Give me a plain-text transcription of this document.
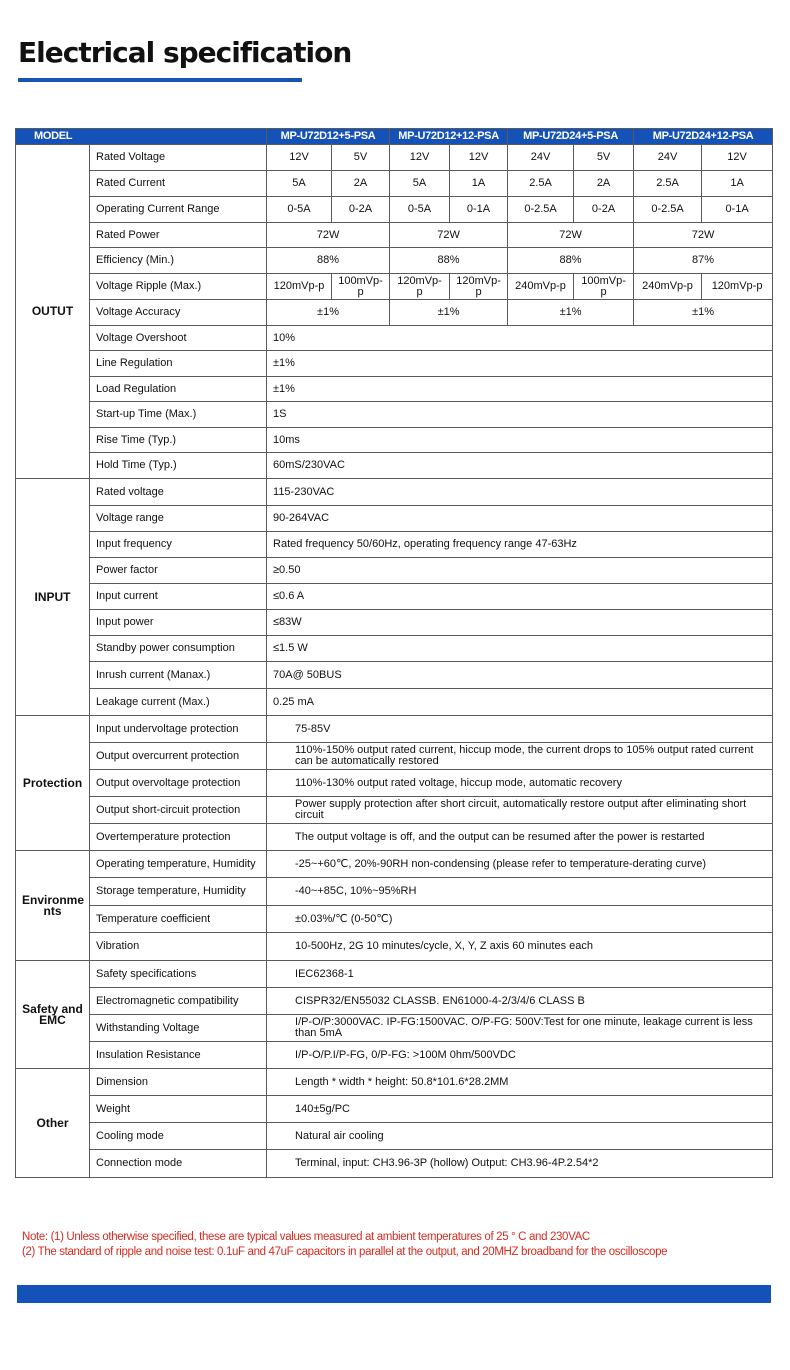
Electrical specification
MODEL		MP-U72D12+5-PSA		MP-U72D12+12-PSA		MP-U72D24+5-PSA		MP-U72D24+12-PSA	
OUTUT	Rated Voltage	12V	5V	12V	12V	24V	5V	24V	12V
	Rated Current	5A	2A	5A	1A	2.5A	2A	2.5A	1A
	Operating Current Range	0-5A	0-2A	0-5A	0-1A	0-2.5A	0-2A	0-2.5A	0-1A
	Rated Power	72W		72W		72W		72W	
	Efficiency (Min.)	88%		88%		88%		87%	
	Voltage Ripple (Max.)	120mVp-p	100mVp-p	120mVp-p	120mVp-p	240mVp-p	100mVp-p	240mVp-p	120mVp-p
	Voltage Accuracy	±1%		±1%		±1%		±1%	
	Voltage Overshoot	10%							
	Line Regulation	±1%							
	Load Regulation	±1%							
	Start-up Time (Max.)	1S							
	Rise Time (Typ.)	10ms							
	Hold Time (Typ.)	60mS/230VAC							
INPUT	Rated voltage	115-230VAC							
	Voltage range	90-264VAC							
	Input frequency	Rated frequency 50/60Hz, operating frequency range 47-63Hz							
	Power factor	≥0.50							
	Input current	≤0.6 A							
	Input power	≤83W							
	Standby power consumption	≤1.5 W							
	Inrush current (Manax.)	70A@ 50BUS							
	Leakage current (Max.)	0.25 mA							
Protection	Input undervoltage protection	75-85V							
	Output overcurrent protection	110%-150% output rated current, hiccup mode, the current drops to 105% output rated current can be automatically restored							
	Output overvoltage protection	110%-130% output rated voltage, hiccup mode, automatic recovery							
	Output short-circuit protection	Power supply protection after short circuit, automatically restore output after eliminating short circuit							
	Overtemperature protection	The output voltage is off, and the output can be resumed after the power is restarted							
Environme nts	Operating temperature, Humidity	-25~+60℃, 20%-90RH non-condensing (please refer to temperature-derating curve)							
	Storage temperature, Humidity	-40~+85C, 10%~95%RH							
	Temperature coefficient	±0.03%/℃ (0-50℃)							
	Vibration	10-500Hz, 2G 10 minutes/cycle, X, Y, Z axis 60 minutes each							
Safety and EMC	Safety specifications	IEC62368-1							
	Electromagnetic compatibility	CISPR32/EN55032 CLASSB. EN61000-4-2/3/4/6 CLASS B							
	Withstanding Voltage	I/P-O/P:3000VAC. IP-FG:1500VAC. O/P-FG: 500V:Test for one minute, leakage current is less than 5mA							
	Insulation Resistance	I/P-O/P.I/P-FG, 0/P-FG: >100M 0hm/500VDC							
Other	Dimension	Length * width * height: 50.8*101.6*28.2MM							
	Weight	140±5g/PC							
	Cooling mode	Natural air cooling							
	Connection mode	Terminal, input: CH3.96-3P (hollow) Output: CH3.96-4P.2.54*2							
Note: (1) Unless otherwise specified, these are typical values measured at ambient temperatures of 25 ° C and 230VAC
(2) The standard of ripple and noise test: 0.1uF and 47uF capacitors in parallel at the output, and 20MHZ broadband for the oscilloscope
